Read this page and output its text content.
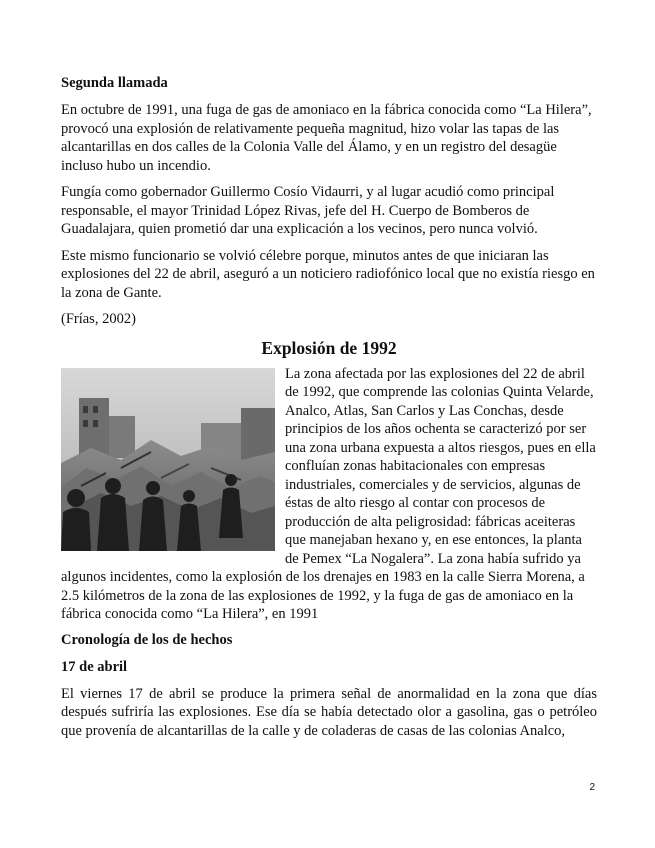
Segunda llamada

En octubre de 1991, una fuga de gas de amoniaco en la fábrica conocida como “La Hilera”, provocó una explosión de relativamente pequeña magnitud, hizo volar las tapas de las alcantarillas en dos calles de la Colonia Valle del Álamo, y en un registro del desagüe incluso hubo un incendio.

Fungía como gobernador Guillermo Cosío Vidaurri, y al lugar acudió como principal responsable, el mayor Trinidad López Rivas, jefe del H. Cuerpo de Bomberos de Guadalajara, quien prometió dar una explicación a los vecinos, pero nunca volvió.

Este mismo funcionario se volvió célebre porque, minutos antes de que iniciaran las explosiones del 22 de abril, aseguró a un noticiero radiofónico local que no existía riesgo en la zona de Gante.

(Frías, 2002)

Explosión de 1992

La zona afectada por las explosiones del 22 de abril de 1992, que comprende las colonias Quinta Velarde, Analco, Atlas, San Carlos y Las Conchas, desde principios de los años ochenta se caracterizó por ser una zona urbana expuesta a altos riesgos, pues en ella confluían zonas habitacionales con empresas industriales, comerciales y de servicios, algunas de éstas de alto riesgo al contar con procesos de producción de alta peligrosidad: fábricas aceiteras que manejaban hexano y, en ese entonces, la planta de Pemex “La Nogalera”. La zona había sufrido ya algunos incidentes, como la explosión de los drenajes en 1983 en la calle Sierra Morena, a 2.5 kilómetros de la zona de las explosiones de 1992, y la fuga de gas de amoniaco en la fábrica conocida como “La Hilera”, en 1991

Cronología de los de hechos
17 de abril

El viernes 17 de abril se produce la primera señal de anormalidad en la zona que días después sufriría las explosiones. Ese día se había detectado olor a gasolina, gas o petróleo que provenía de alcantarillas de la calle y de coladeras de casas de las colonias Analco,

2
